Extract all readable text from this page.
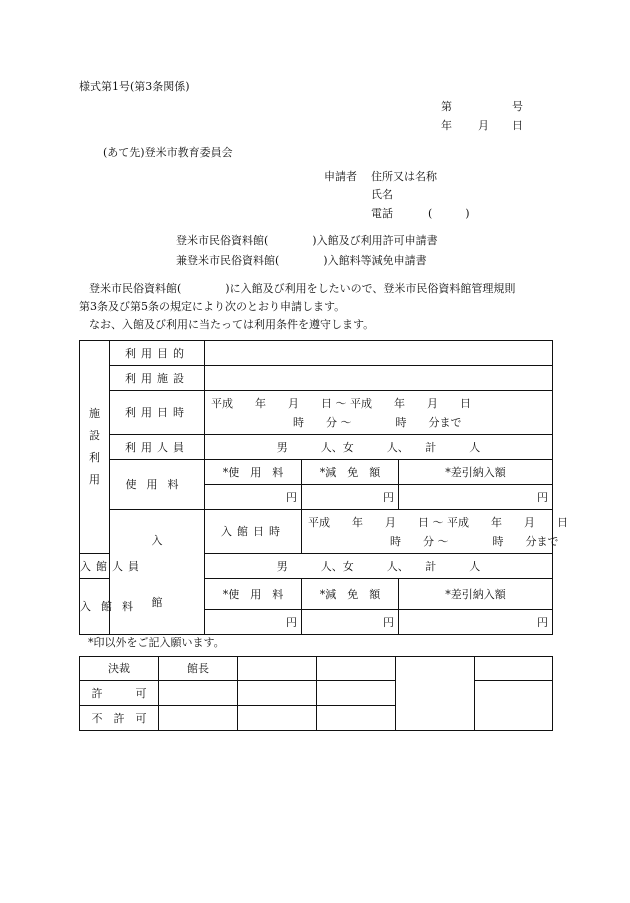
様式第1号(第3条関係)
第	号
年 月 日
(あて先)登米市教育委員会
申請者 住所又は名称
氏名
電話	(　　　)
登米市民俗資料館(　　　　)入館及び利用許可申請書
兼登米市民俗資料館(　　　　)入館料等減免申請書
登米市民俗資料館(　　　　)に入館及び利用をしたいので、登米市民俗資料館管理規則
第3条及び第5条の規定により次のとおり申請します。
なお、入館及び利用に当たっては利用条件を遵守します。
施設利用	利用目的			
	利用施設			
	利用日時	平成　　年　　月　　日 〜 平成　　年　　月　　日
時　　分 〜　　　　時　　分まで		

	利用人員	男　　　人、女　　　人、　　計　　　人		
	使用料	*使　用　料	*減　免　額	*差引納入額
		円	円	円

	入館	入館日時	平成　　年　　月　　日 〜 平成　　年　　月　　日
時　　分 〜　　　　時　　分まで	

入館人員		男　　　人、女　　　人、　　計　　　人		
入館料		*使　用　料	*減　免　額	*差引納入額
		円	円	円
*印以外をご記入願います。
決裁	館長				
許　　　可					
不　許　可					
